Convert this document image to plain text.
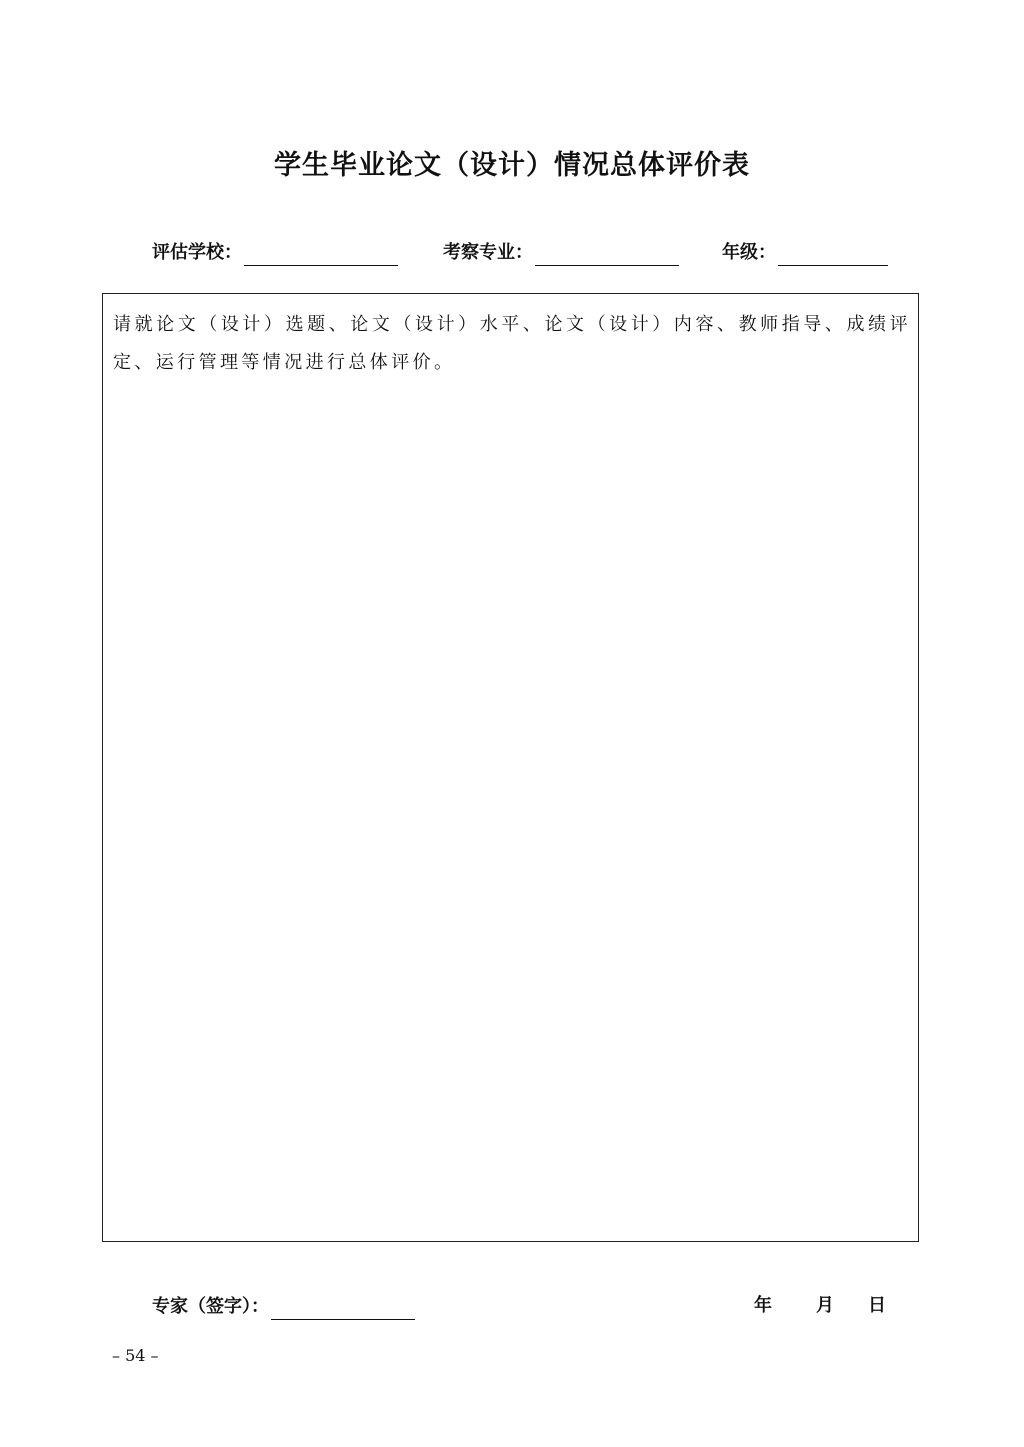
学生毕业论文（设计）情况总体评价表
评估学校：	考察专业：	年级：
请就论文（设计）选题、论文（设计）水平、论文（设计）内容、教师指导、成绩评定、运行管理等情况进行总体评价。
专家（签字）：	年 月 日
– 54 –
